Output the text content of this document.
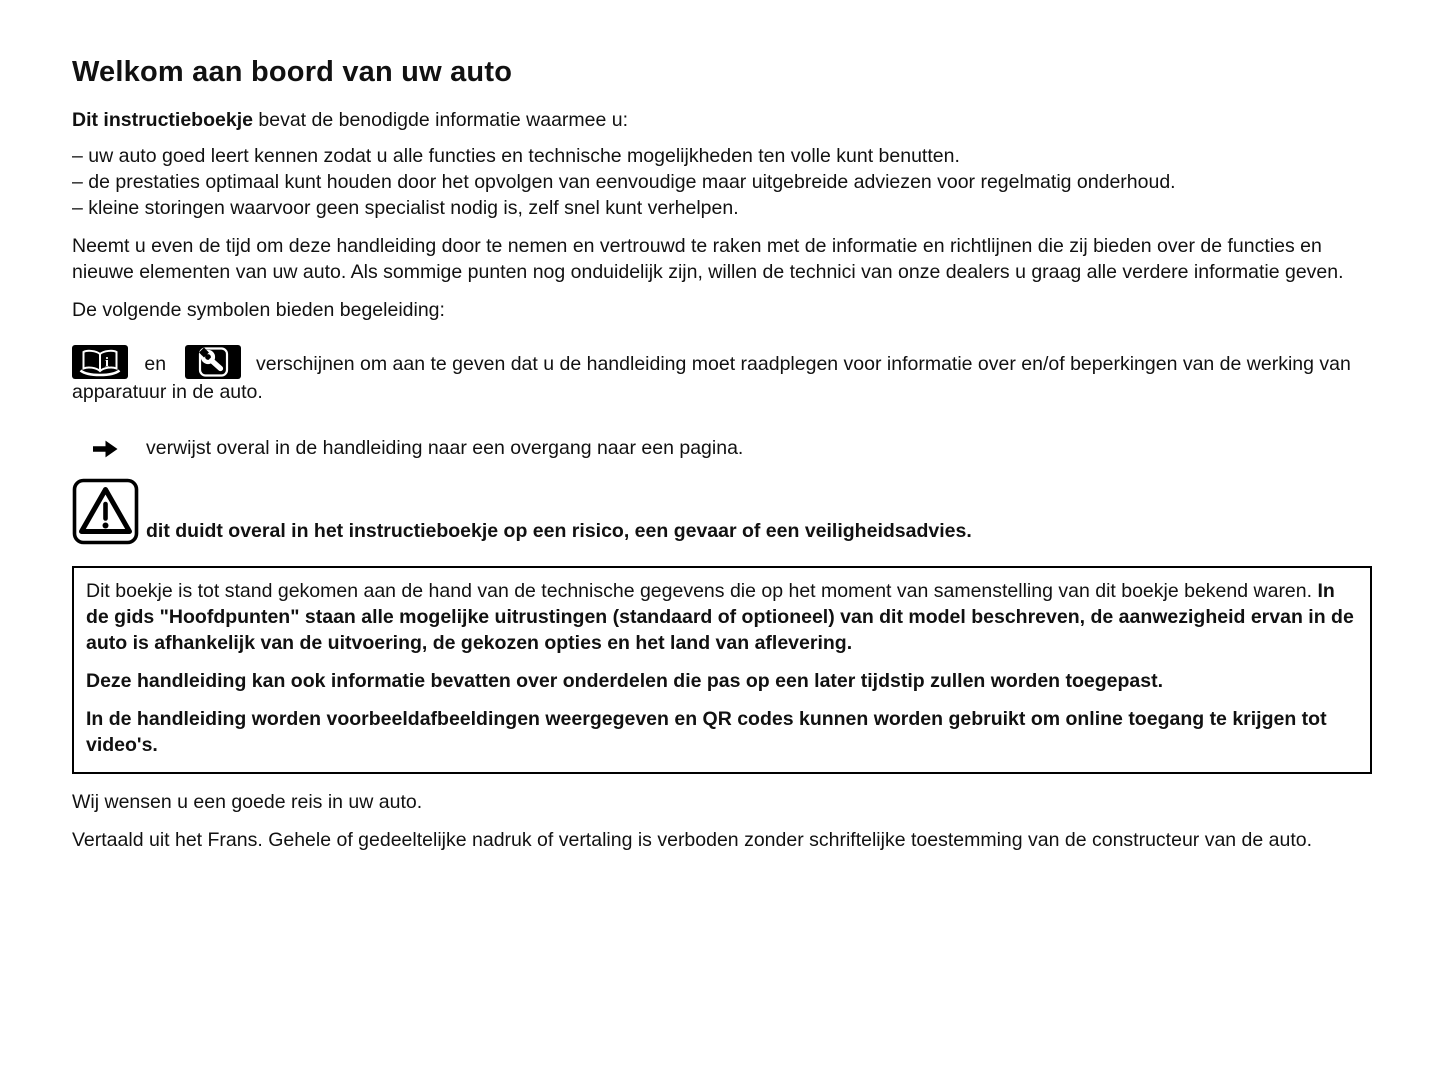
Welkom aan boord van uw auto

Dit instructieboekje bevat de benodigde informatie waarmee u:

– uw auto goed leert kennen zodat u alle functies en technische mogelijkheden ten volle kunt benutten.
– de prestaties optimaal kunt houden door het opvolgen van eenvoudige maar uitgebreide adviezen voor regelmatig onderhoud.
– kleine storingen waarvoor geen specialist nodig is, zelf snel kunt verhelpen.

Neemt u even de tijd om deze handleiding door te nemen en vertrouwd te raken met de informatie en richtlijnen die zij bieden over de functies en nieuwe elementen van uw auto. Als sommige punten nog onduidelijk zijn, willen de technici van onze dealers u graag alle verdere informatie geven.

De volgende symbolen bieden begeleiding:

i en	verschijnen om aan te geven dat u de handleiding moet raadplegen voor informatie over en/of beperkingen van de werking van apparatuur in de auto.

verwijst overal in de handleiding naar een overgang naar een pagina.
dit duidt overal in het instructieboekje op een risico, een gevaar of een veiligheidsadvies.

Dit boekje is tot stand gekomen aan de hand van de technische gegevens die op het moment van samenstelling van dit boekje bekend waren. In de gids "Hoofdpunten" staan alle mogelijke uitrustingen (standaard of optioneel) van dit model beschreven, de aanwezigheid ervan in de auto is afhankelijk van de uitvoering, de gekozen opties en het land van aflevering.

Deze handleiding kan ook informatie bevatten over onderdelen die pas op een later tijdstip zullen worden toegepast.

In de handleiding worden voorbeeldafbeeldingen weergegeven en QR codes kunnen worden gebruikt om online toegang te krijgen tot video's.

Wij wensen u een goede reis in uw auto.

Vertaald uit het Frans. Gehele of gedeeltelijke nadruk of vertaling is verboden zonder schriftelijke toestemming van de constructeur van de auto.
